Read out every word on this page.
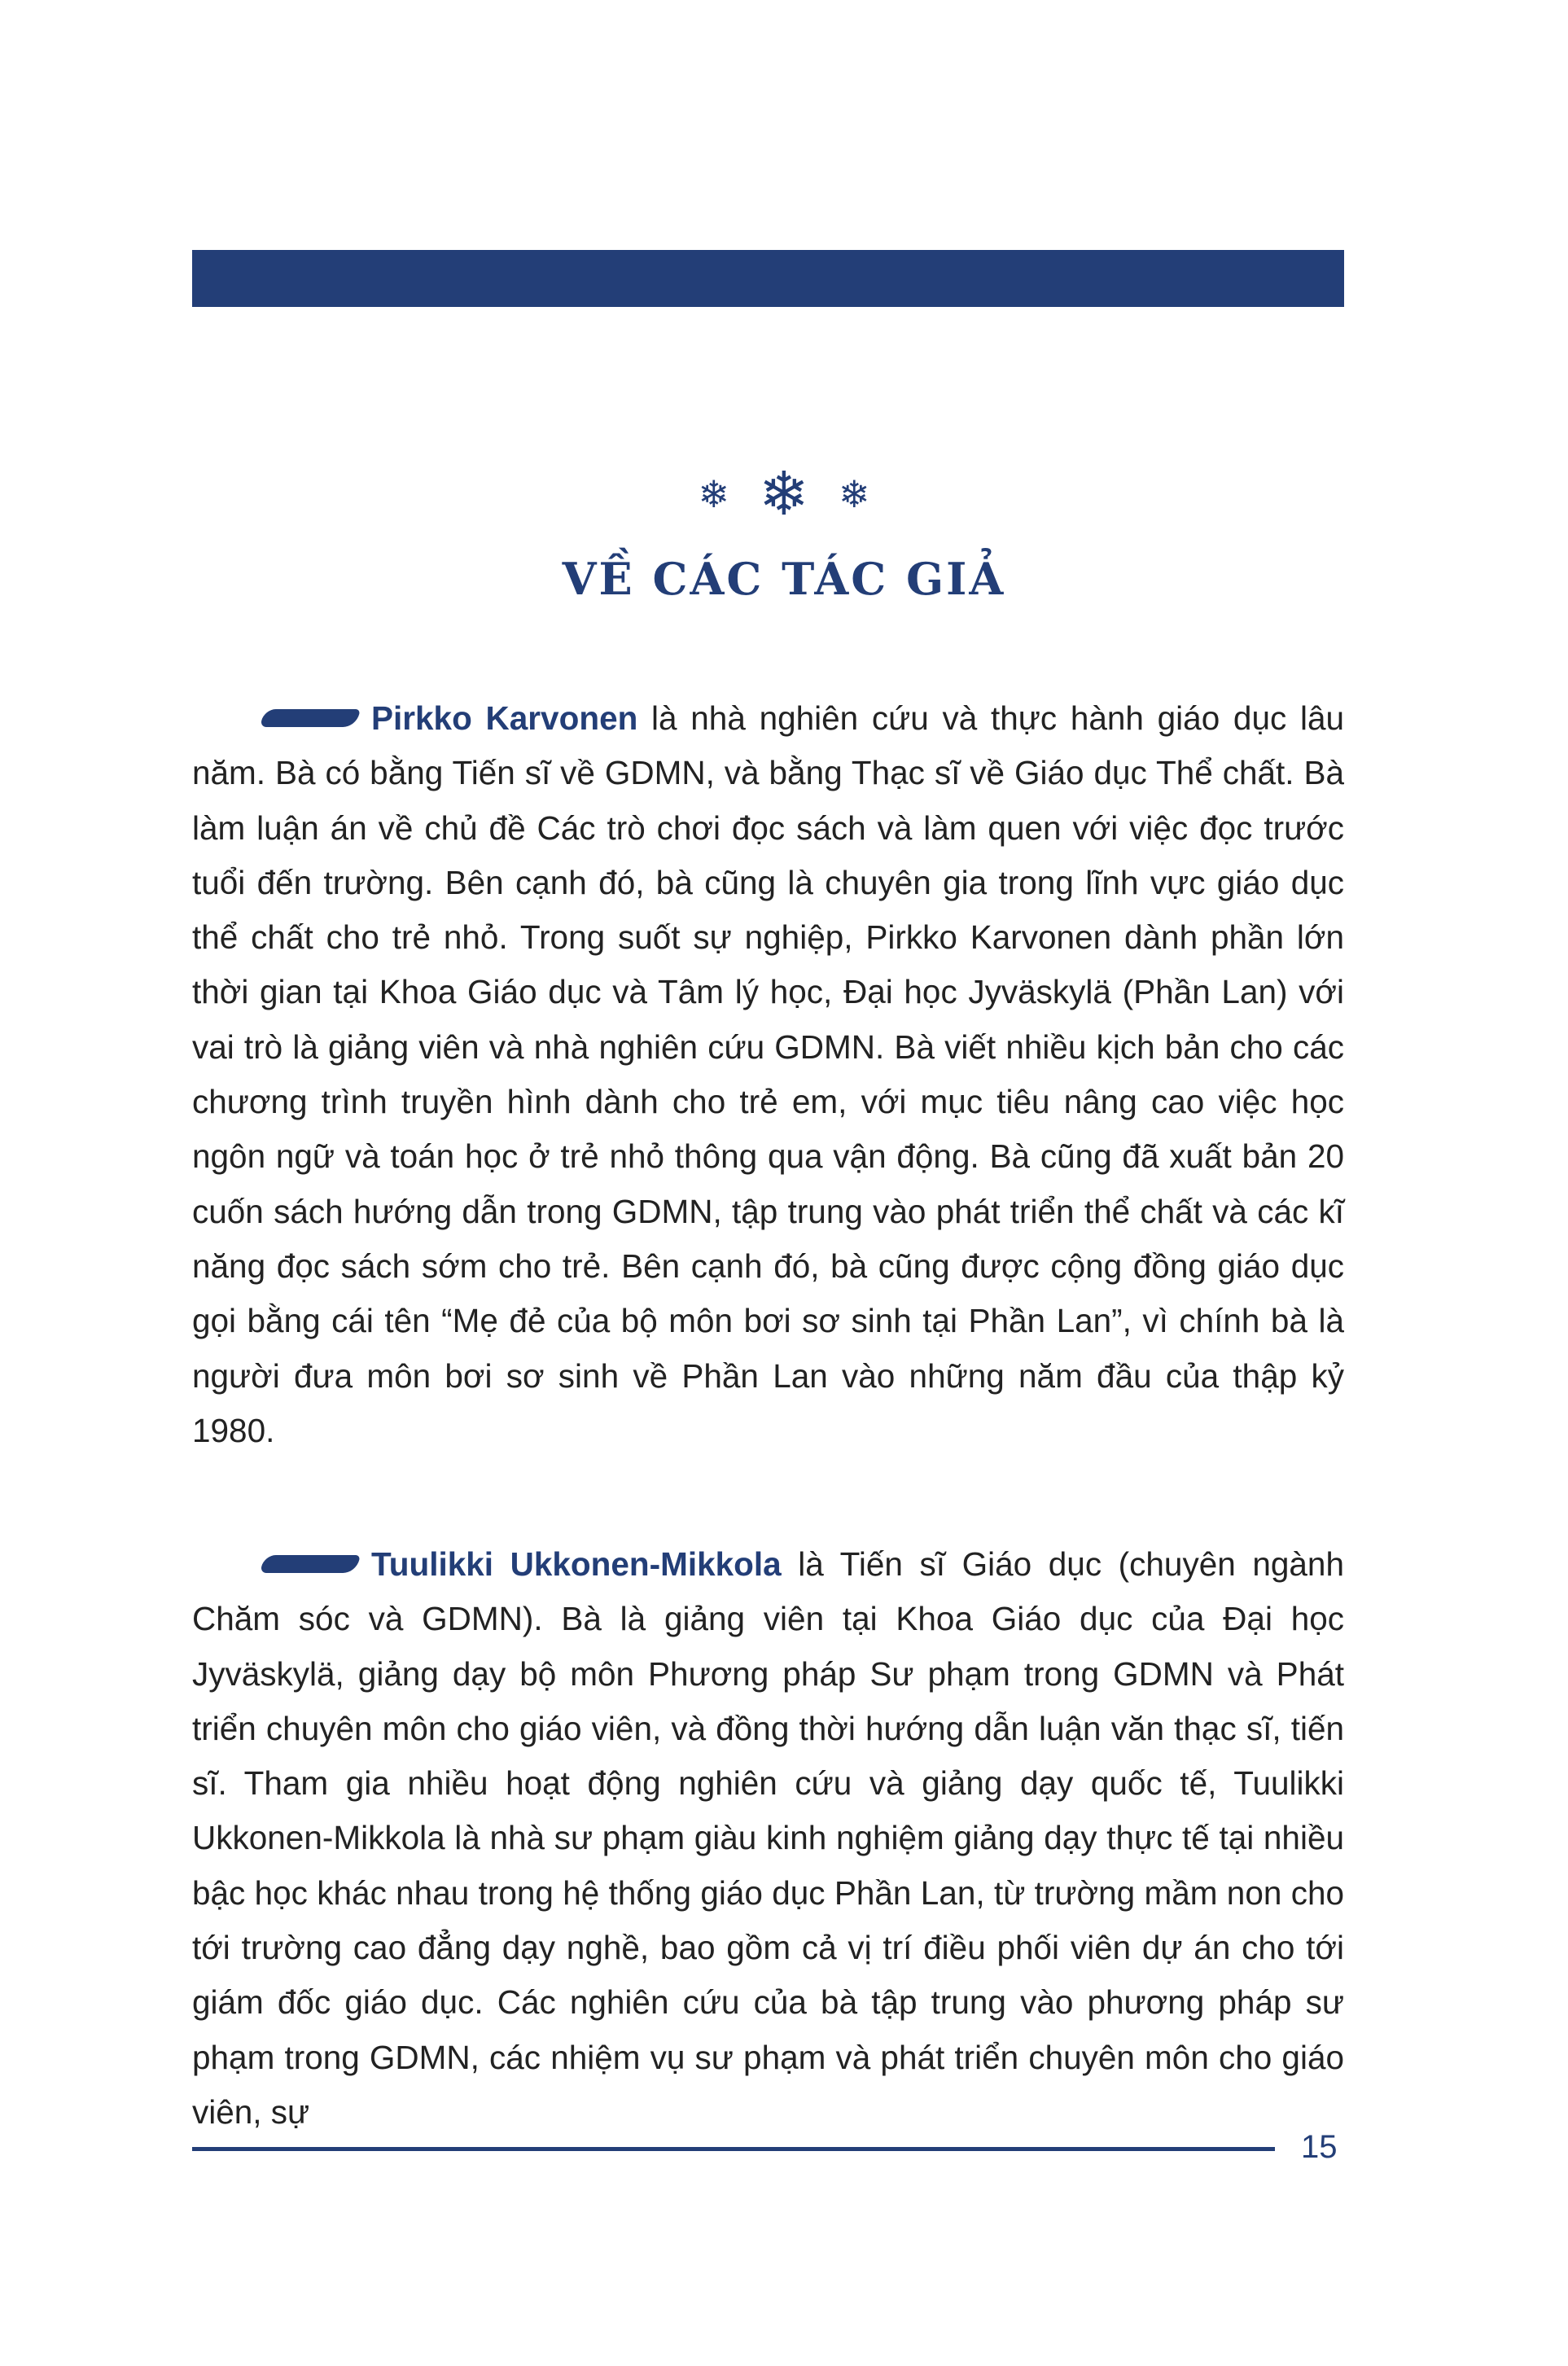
❄ ❄ ❄
VỀ CÁC TÁC GIẢ

Pirkko Karvonen là nhà nghiên cứu và thực hành giáo dục lâu năm. Bà có bằng Tiến sĩ về GDMN, và bằng Thạc sĩ về Giáo dục Thể chất. Bà làm luận án về chủ đề Các trò chơi đọc sách và làm quen với việc đọc trước tuổi đến trường. Bên cạnh đó, bà cũng là chuyên gia trong lĩnh vực giáo dục thể chất cho trẻ nhỏ. Trong suốt sự nghiệp, Pirkko Karvonen dành phần lớn thời gian tại Khoa Giáo dục và Tâm lý học, Đại học Jyväskylä (Phần Lan) với vai trò là giảng viên và nhà nghiên cứu GDMN. Bà viết nhiều kịch bản cho các chương trình truyền hình dành cho trẻ em, với mục tiêu nâng cao việc học ngôn ngữ và toán học ở trẻ nhỏ thông qua vận động. Bà cũng đã xuất bản 20 cuốn sách hướng dẫn trong GDMN, tập trung vào phát triển thể chất và các kĩ năng đọc sách sớm cho trẻ. Bên cạnh đó, bà cũng được cộng đồng giáo dục gọi bằng cái tên “Mẹ đẻ của bộ môn bơi sơ sinh tại Phần Lan”, vì chính bà là người đưa môn bơi sơ sinh về Phần Lan vào những năm đầu của thập kỷ 1980.

Tuulikki Ukkonen-Mikkola là Tiến sĩ Giáo dục (chuyên ngành Chăm sóc và GDMN). Bà là giảng viên tại Khoa Giáo dục của Đại học Jyväskylä, giảng dạy bộ môn Phương pháp Sư phạm trong GDMN và Phát triển chuyên môn cho giáo viên, và đồng thời hướng dẫn luận văn thạc sĩ, tiến sĩ. Tham gia nhiều hoạt động nghiên cứu và giảng dạy quốc tế, Tuulikki Ukkonen-Mikkola là nhà sư phạm giàu kinh nghiệm giảng dạy thực tế tại nhiều bậc học khác nhau trong hệ thống giáo dục Phần Lan, từ trường mầm non cho tới trường cao đẳng dạy nghề, bao gồm cả vị trí điều phối viên dự án cho tới giám đốc giáo dục. Các nghiên cứu của bà tập trung vào phương pháp sư phạm trong GDMN, các nhiệm vụ sư phạm và phát triển chuyên môn cho giáo viên, sự

15
